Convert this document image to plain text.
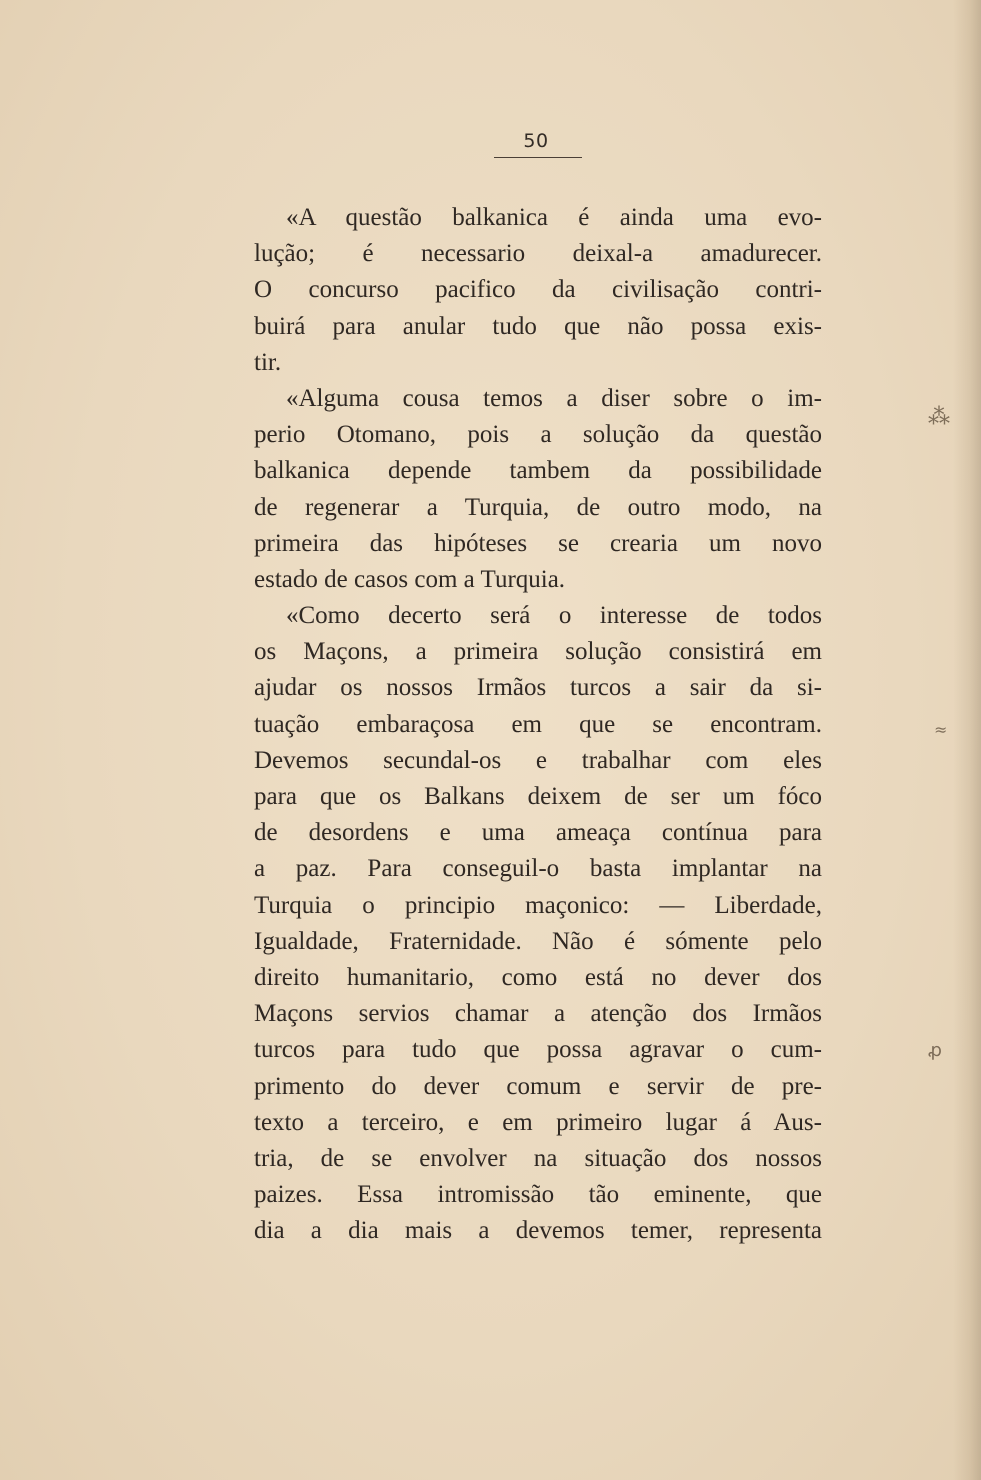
50
«A questão balkanica é ainda uma evo-
lução; é necessario deixal-a amadurecer.
O concurso pacifico da civilisação contri-
buirá para anular tudo que não possa exis-
tir.
«Alguma cousa temos a diser sobre o im-
perio Otomano, pois a solução da questão
balkanica depende tambem da possibilidade
de regenerar a Turquia, de outro modo, na
primeira das hipóteses se crearia um novo
estado de casos com a Turquia.
«Como decerto será o interesse de todos
os Maçons, a primeira solução consistirá em
ajudar os nossos Irmãos turcos a sair da si-
tuação embaraçosa em que se encontram.
Devemos secundal-os e trabalhar com eles
para que os Balkans deixem de ser um fóco
de desordens e uma ameaça contínua para
a paz. Para conseguil-o basta implantar na
Turquia o principio maçonico: — Liberdade,
Igualdade, Fraternidade. Não é sómente pelo
direito humanitario, como está no dever dos
Maçons servios chamar a atenção dos Irmãos
turcos para tudo que possa agravar o cum-
primento do dever comum e servir de pre-
texto a terceiro, e em primeiro lugar á Aus-
tria, de se envolver na situação dos nossos
paizes. Essa intromissão tão eminente, que
dia a dia mais a devemos temer, representa
⁂
≈
ꝓ
